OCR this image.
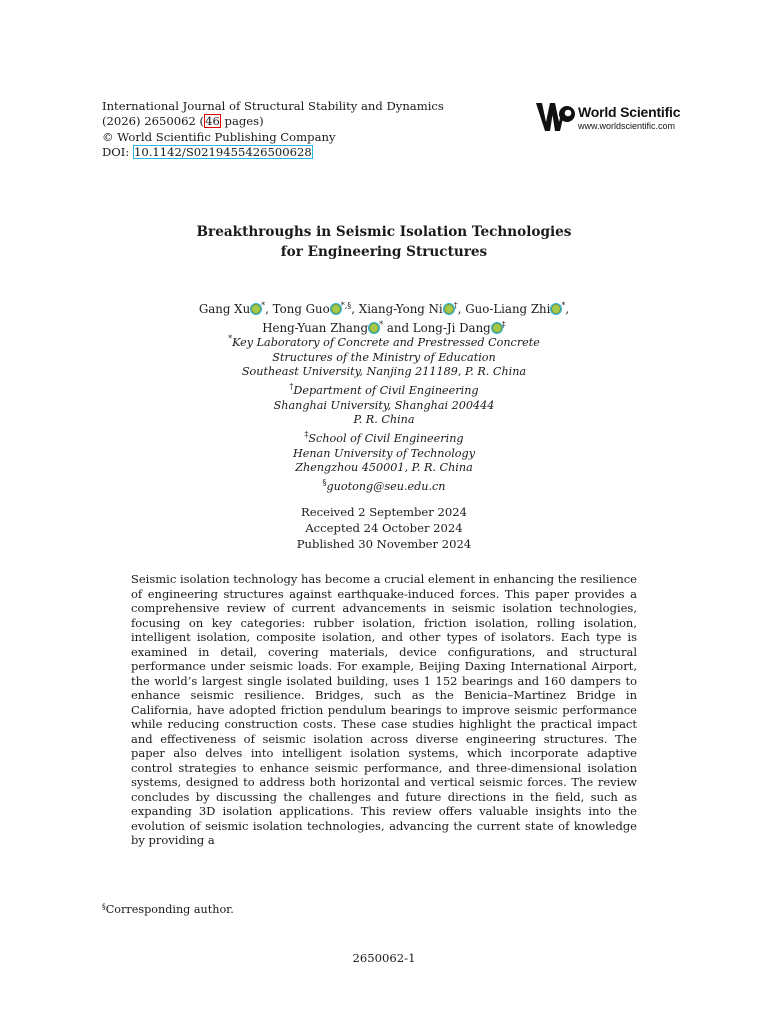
International Journal of Structural Stability and Dynamics
(2026) 2650062 (46 pages)
© World Scientific Publishing Company
DOI: 10.1142/S0219455426500628
World Scientific
www.worldscientific.com
Breakthroughs in Seismic Isolation Technologies
for Engineering Structures
Gang Xu *, Tong Guo *,§, Xiang-Yong Ni †, Guo-Liang Zhi *,
Heng-Yuan Zhang * and Long-Ji Dang ‡
*Key Laboratory of Concrete and Prestressed Concrete
Structures of the Ministry of Education
Southeast University, Nanjing 211189, P. R. China
†Department of Civil Engineering
Shanghai University, Shanghai 200444
P. R. China
‡School of Civil Engineering
Henan University of Technology
Zhengzhou 450001, P. R. China
§guotong@seu.edu.cn
Received 2 September 2024
Accepted 24 October 2024
Published 30 November 2024

Seismic isolation technology has become a crucial element in enhancing the resilience of engineering structures against earthquake-induced forces. This paper provides a comprehensive review of current advancements in seismic isolation technologies, focusing on key categories: rubber isolation, friction isolation, rolling isolation, intelligent isolation, composite isolation, and other types of isolators. Each type is examined in detail, covering materials, device configurations, and structural performance under seismic loads. For example, Beijing Daxing International Airport, the world’s largest single isolated building, uses 1 152 bearings and 160 dampers to enhance seismic resilience. Bridges, such as the Benicia–Martinez Bridge in California, have adopted friction pendulum bearings to improve seismic performance while reducing construction costs. These case studies highlight the practical impact and effectiveness of seismic isolation across diverse engineering structures. The paper also delves into intelligent isolation systems, which incorporate adaptive control strategies to enhance seismic performance, and three-dimensional isolation systems, designed to address both horizontal and vertical seismic forces. The review concludes by discussing the challenges and future directions in the field, such as expanding 3D isolation applications. This review offers valuable insights into the evolution of seismic isolation technologies, advancing the current state of knowledge by providing a

§Corresponding author.
2650062-1
